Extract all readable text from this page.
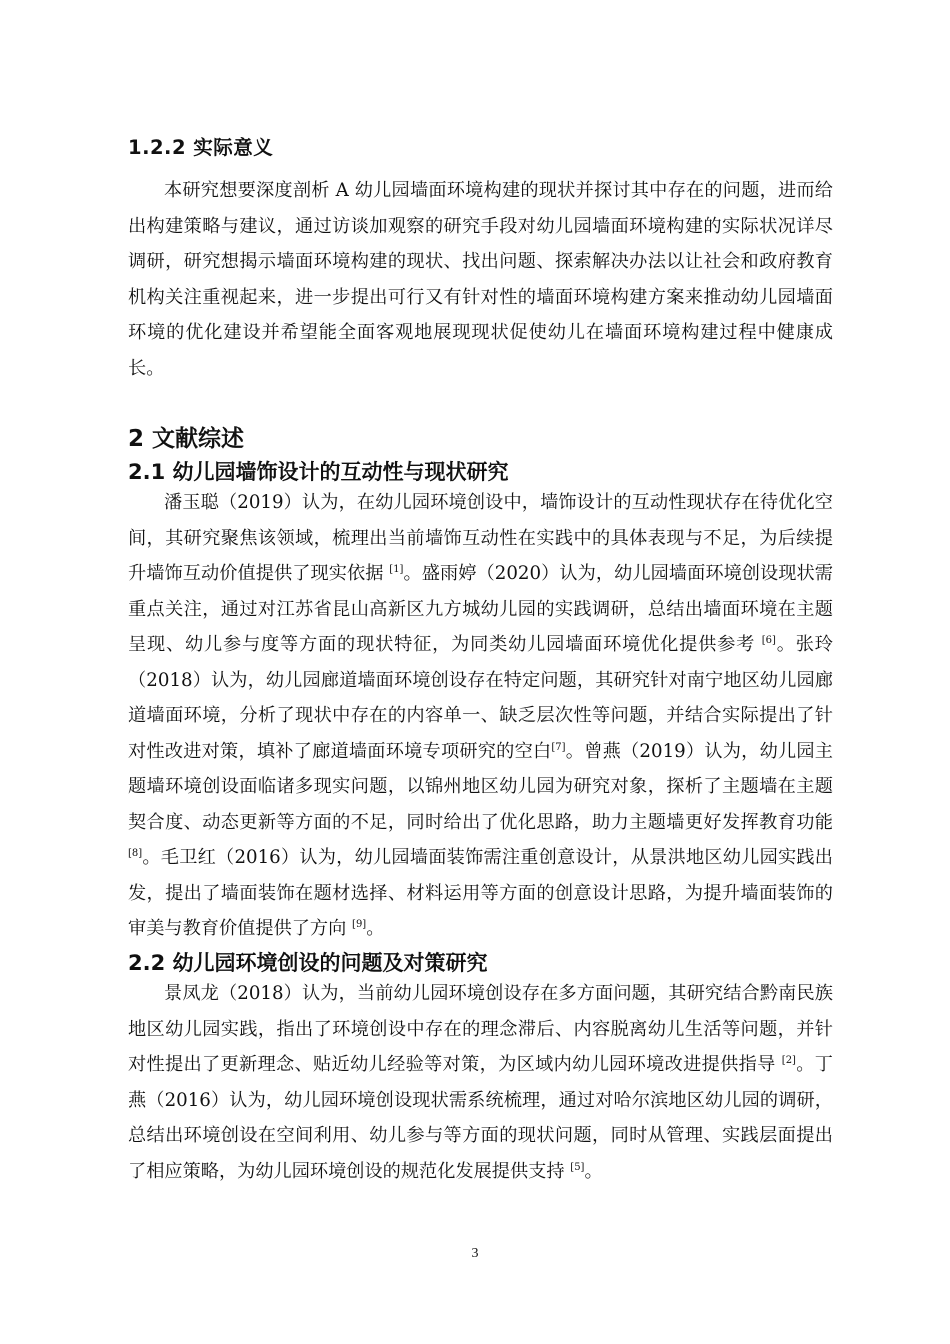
1.2.2 实际意义
本研究想要深度剖析 A 幼儿园墙面环境构建的现状并探讨其中存在的问题，进而给出构建策略与建议，通过访谈加观察的研究手段对幼儿园墙面环境构建的实际状况详尽调研，研究想揭示墙面环境构建的现状、找出问题、探索解决办法以让社会和政府教育机构关注重视起来，进一步提出可行又有针对性的墙面环境构建方案来推动幼儿园墙面环境的优化建设并希望能全面客观地展现现状促使幼儿在墙面环境构建过程中健康成长。
2 文献综述
2.1 幼儿园墙饰设计的互动性与现状研究
潘玉聪（2019）认为，在幼儿园环境创设中，墙饰设计的互动性现状存在待优化空间，其研究聚焦该领域，梳理出当前墙饰互动性在实践中的具体表现与不足，为后续提升墙饰互动价值提供了现实依据 [1]。盛雨婷（2020）认为，幼儿园墙面环境创设现状需重点关注，通过对江苏省昆山高新区九方城幼儿园的实践调研，总结出墙面环境在主题呈现、幼儿参与度等方面的现状特征，为同类幼儿园墙面环境优化提供参考 [6]。张玲（2018）认为，幼儿园廊道墙面环境创设存在特定问题，其研究针对南宁地区幼儿园廊道墙面环境，分析了现状中存在的内容单一、缺乏层次性等问题，并结合实际提出了针对性改进对策，填补了廊道墙面环境专项研究的空白[7]。曾燕（2019）认为，幼儿园主题墙环境创设面临诸多现实问题，以锦州地区幼儿园为研究对象，探析了主题墙在主题契合度、动态更新等方面的不足，同时给出了优化思路，助力主题墙更好发挥教育功能 [8]。毛卫红（2016）认为，幼儿园墙面装饰需注重创意设计，从景洪地区幼儿园实践出发，提出了墙面装饰在题材选择、材料运用等方面的创意设计思路，为提升墙面装饰的审美与教育价值提供了方向 [9]。
2.2 幼儿园环境创设的问题及对策研究
景凤龙（2018）认为，当前幼儿园环境创设存在多方面问题，其研究结合黔南民族地区幼儿园实践，指出了环境创设中存在的理念滞后、内容脱离幼儿生活等问题，并针对性提出了更新理念、贴近幼儿经验等对策，为区域内幼儿园环境改进提供指导 [2]。丁燕（2016）认为，幼儿园环境创设现状需系统梳理，通过对哈尔滨地区幼儿园的调研，总结出环境创设在空间利用、幼儿参与等方面的现状问题，同时从管理、实践层面提出了相应策略，为幼儿园环境创设的规范化发展提供支持 [5]。
3
